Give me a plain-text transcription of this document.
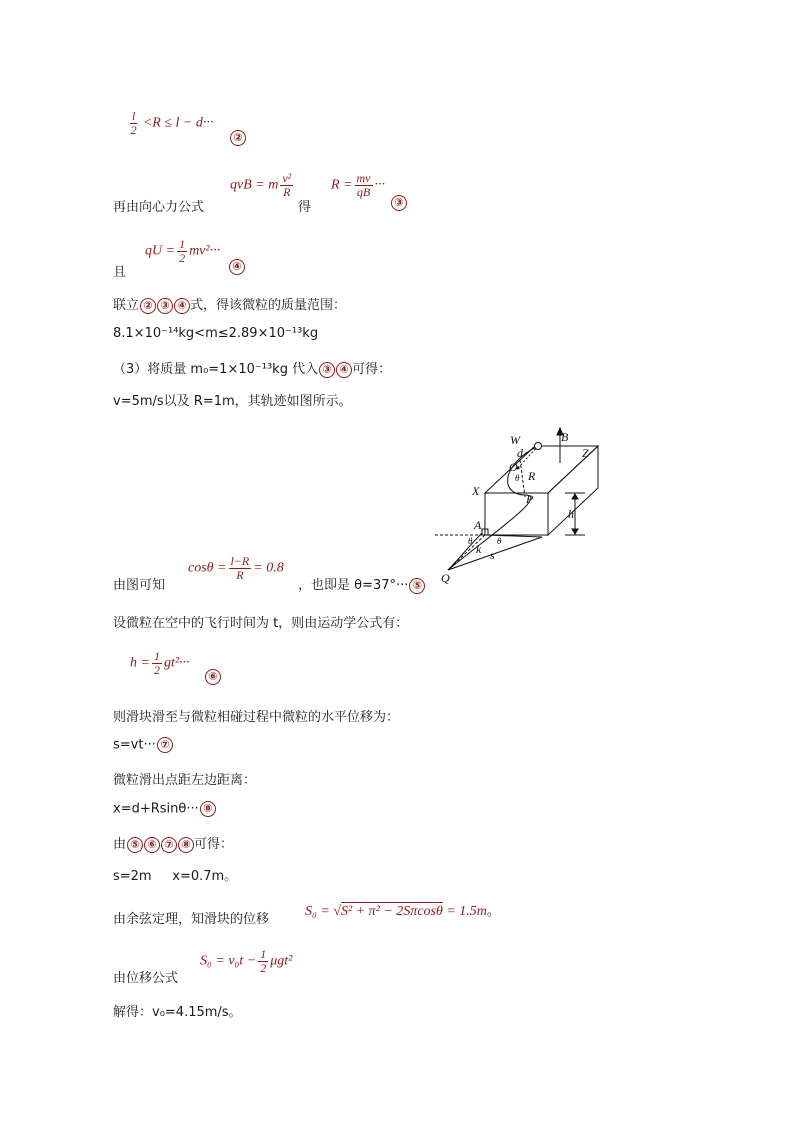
$\frac{l}{2} <R \le l - d\cdot\cdot\cdot$
②
再由向心力公式
qvB = m $\frac{\text{v²}}{R}$
得
$R = \frac{mv}{qB}$ ···
③
且
qU = $\frac{1}{2} mv^2\cdot\cdot\cdot$
④
联立 ② ③ ④ 式，得该微粒的质量范围：
8.1×10⁻¹⁴kg<m≤2.89×10⁻¹³kg
（3）将质量 m₀=1×10⁻¹³kg 代入 ③ ④ 可得：
v=5m/s以及 R=1m，其轨迹如图所示。
W	B
Z
d
O
θ R
X
P
h
A
θ	θ
k s
Q
由图可知
$\cos\theta = \frac{l-R}{R} = 0.8$
，也即是 θ=37°··· ⑤
设微粒在空中的飞行时间为 t，则由运动学公式有：
$h = \frac{1}{2} gt^2\cdot\cdot\cdot$
⑥
则滑块滑至与微粒相碰过程中微粒的水平位移为：
s=vt··· ⑦
微粒滑出点距左边距离：
x=d+Rsinθ··· ⑧
由 ⑤ ⑥ ⑦ ⑧ 可得：
s=2m     x=0.7m。
由余弦定理，知滑块的位移
S₀ = √S² + π² − 2Sπcosθ = 1.5m。
由位移公式
$S_0 = v_0t - \frac{1}{2} \mu gt^2$
解得：v₀=4.15m/s。
